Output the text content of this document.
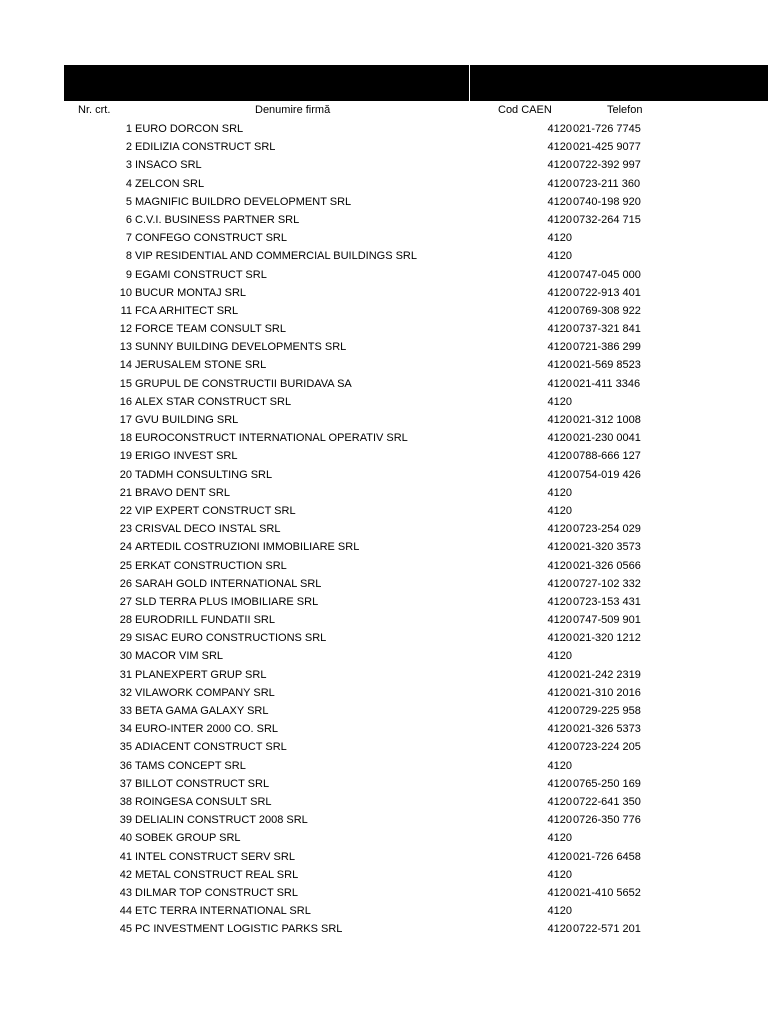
Nr. crt.	Denumire firmă	Cod CAEN	Telefon
1 EURO DORCON SRL	4120 021-726 7745
2 EDILIZIA CONSTRUCT SRL	4120 021-425 9077
3 INSACO SRL	4120 0722-392 997
4 ZELCON SRL	4120 0723-211 360
5 MAGNIFIC BUILDRO DEVELOPMENT SRL	4120 0740-198 920
6 C.V.I. BUSINESS PARTNER SRL	4120 0732-264 715
7 CONFEGO CONSTRUCT SRL	4120
8 VIP RESIDENTIAL AND COMMERCIAL BUILDINGS SRL	4120
9 EGAMI CONSTRUCT SRL	4120 0747-045 000
10 BUCUR MONTAJ SRL	4120 0722-913 401
11 FCA ARHITECT SRL	4120 0769-308 922
12 FORCE TEAM CONSULT SRL	4120 0737-321 841
13 SUNNY BUILDING DEVELOPMENTS SRL	4120 0721-386 299
14 JERUSALEM STONE SRL	4120 021-569 8523
15 GRUPUL DE CONSTRUCTII BURIDAVA SA	4120 021-411 3346
16 ALEX STAR CONSTRUCT SRL	4120
17 GVU BUILDING SRL	4120 021-312 1008
18 EUROCONSTRUCT INTERNATIONAL OPERATIV SRL	4120 021-230 0041
19 ERIGO INVEST SRL	4120 0788-666 127
20 TADMH CONSULTING SRL	4120 0754-019 426
21 BRAVO DENT SRL	4120
22 VIP EXPERT CONSTRUCT SRL	4120
23 CRISVAL DECO INSTAL SRL	4120 0723-254 029
24 ARTEDIL COSTRUZIONI IMMOBILIARE SRL	4120 021-320 3573
25 ERKAT CONSTRUCTION SRL	4120 021-326 0566
26 SARAH GOLD INTERNATIONAL SRL	4120 0727-102 332
27 SLD TERRA PLUS IMOBILIARE SRL	4120 0723-153 431
28 EURODRILL FUNDATII SRL	4120 0747-509 901
29 SISAC EURO CONSTRUCTIONS SRL	4120 021-320 1212
30 MACOR VIM SRL	4120
31 PLANEXPERT GRUP SRL	4120 021-242 2319
32 VILAWORK COMPANY SRL	4120 021-310 2016
33 BETA GAMA GALAXY SRL	4120 0729-225 958
34 EURO-INTER 2000 CO. SRL	4120 021-326 5373
35 ADIACENT CONSTRUCT SRL	4120 0723-224 205
36 TAMS CONCEPT SRL	4120
37 BILLOT CONSTRUCT SRL	4120 0765-250 169
38 ROINGESA CONSULT SRL	4120 0722-641 350
39 DELIALIN CONSTRUCT 2008 SRL	4120 0726-350 776
40 SOBEK GROUP SRL	4120
41 INTEL CONSTRUCT SERV SRL	4120 021-726 6458
42 METAL CONSTRUCT REAL SRL	4120
43 DILMAR TOP CONSTRUCT SRL	4120 021-410 5652
44 ETC TERRA INTERNATIONAL SRL	4120
45 PC INVESTMENT LOGISTIC PARKS SRL	4120 0722-571 201
